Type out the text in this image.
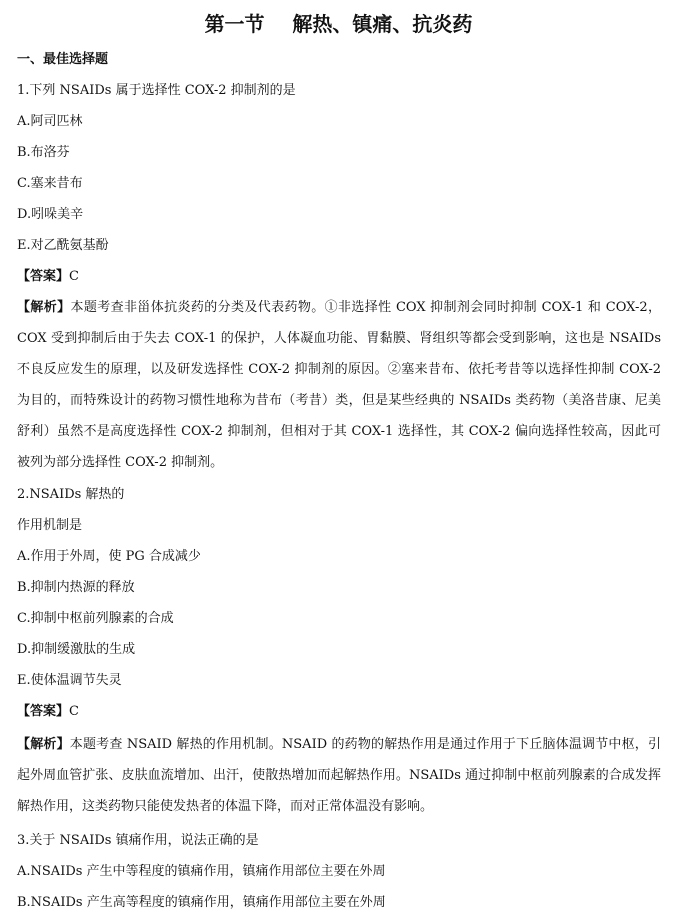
第一节    解热、镇痛、抗炎药
一、最佳选择题
1.下列 NSAIDs 属于选择性 COX-2 抑制剂的是
A.阿司匹林
B.布洛芬
C.塞来昔布
D.吲哚美辛
E.对乙酰氨基酚
【答案】C
【解析】本题考查非甾体抗炎药的分类及代表药物。①非选择性 COX 抑制剂会同时抑制 COX-1 和 COX-2，COX 受到抑制后由于失去 COX-1 的保护，人体凝血功能、胃黏膜、肾组织等都会受到影响，这也是 NSAIDs 不良反应发生的原理，以及研发选择性 COX-2 抑制剂的原因。②塞来昔布、依托考昔等以选择性抑制 COX-2 为目的，而特殊设计的药物习惯性地称为昔布（考昔）类，但是某些经典的 NSAIDs 类药物（美洛昔康、尼美舒利）虽然不是高度选择性 COX-2 抑制剂，但相对于其 COX-1 选择性，其 COX-2 偏向选择性较高，因此可被列为部分选择性 COX-2 抑制剂。
2.NSAIDs 解热的
作用机制是
A.作用于外周，使 PG 合成减少
B.抑制内热源的释放
C.抑制中枢前列腺素的合成
D.抑制缓激肽的生成
E.使体温调节失灵
【答案】C
【解析】本题考查 NSAID 解热的作用机制。NSAID 的药物的解热作用是通过作用于下丘脑体温调节中枢，引起外周血管扩张、皮肤血流增加、出汗，使散热增加而起解热作用。NSAIDs 通过抑制中枢前列腺素的合成发挥解热作用，这类药物只能使发热者的体温下降，而对正常体温没有影响。
3.关于 NSAIDs 镇痛作用，说法正确的是
A.NSAIDs 产生中等程度的镇痛作用，镇痛作用部位主要在外周
B.NSAIDs 产生高等程度的镇痛作用，镇痛作用部位主要在外周
